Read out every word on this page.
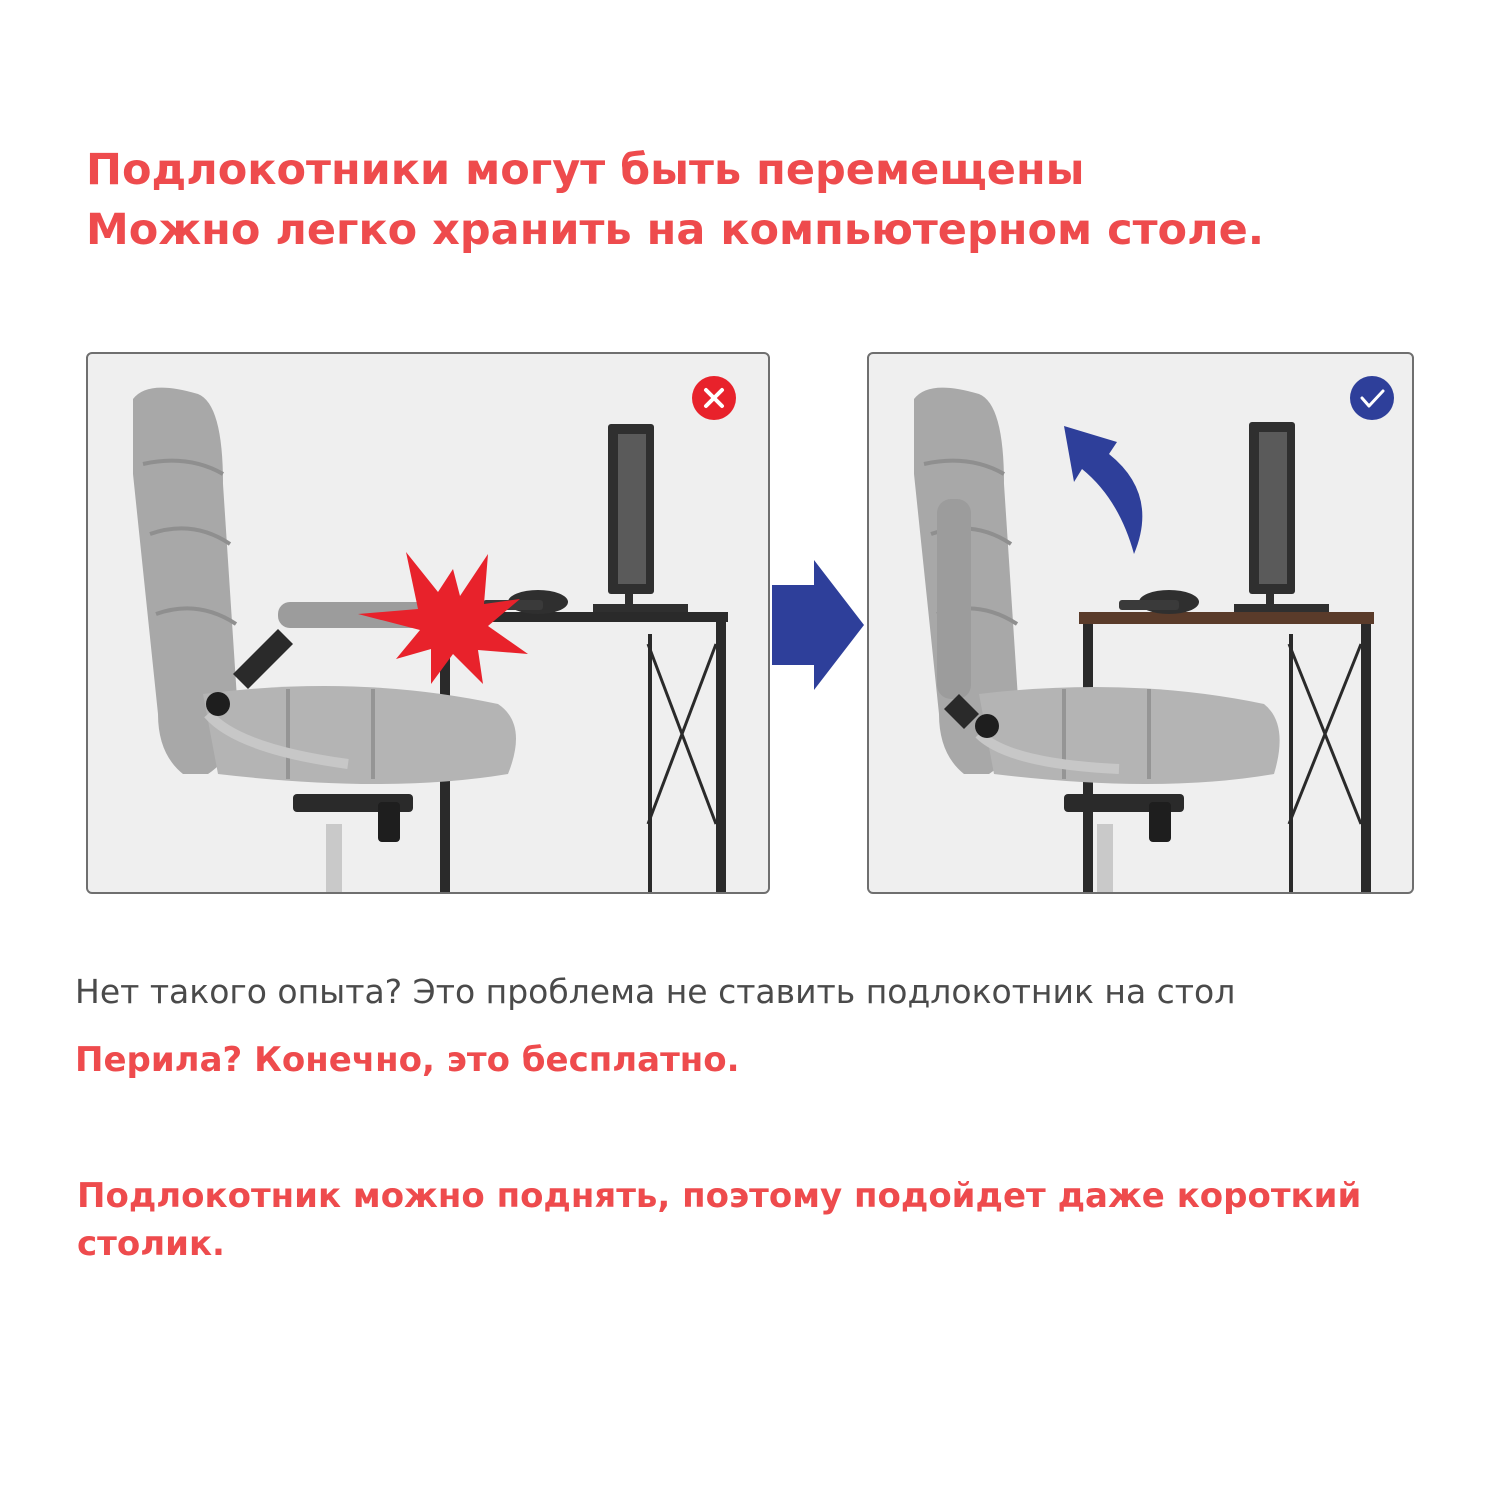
Подлокотники могут быть перемещены
Можно легко хранить на компьютерном столе.
Нет такого опыта? Это проблема не ставить подлокотник на стол
Перила? Конечно, это бесплатно.
Подлокотник можно поднять, поэтому подойдет даже короткий столик.
